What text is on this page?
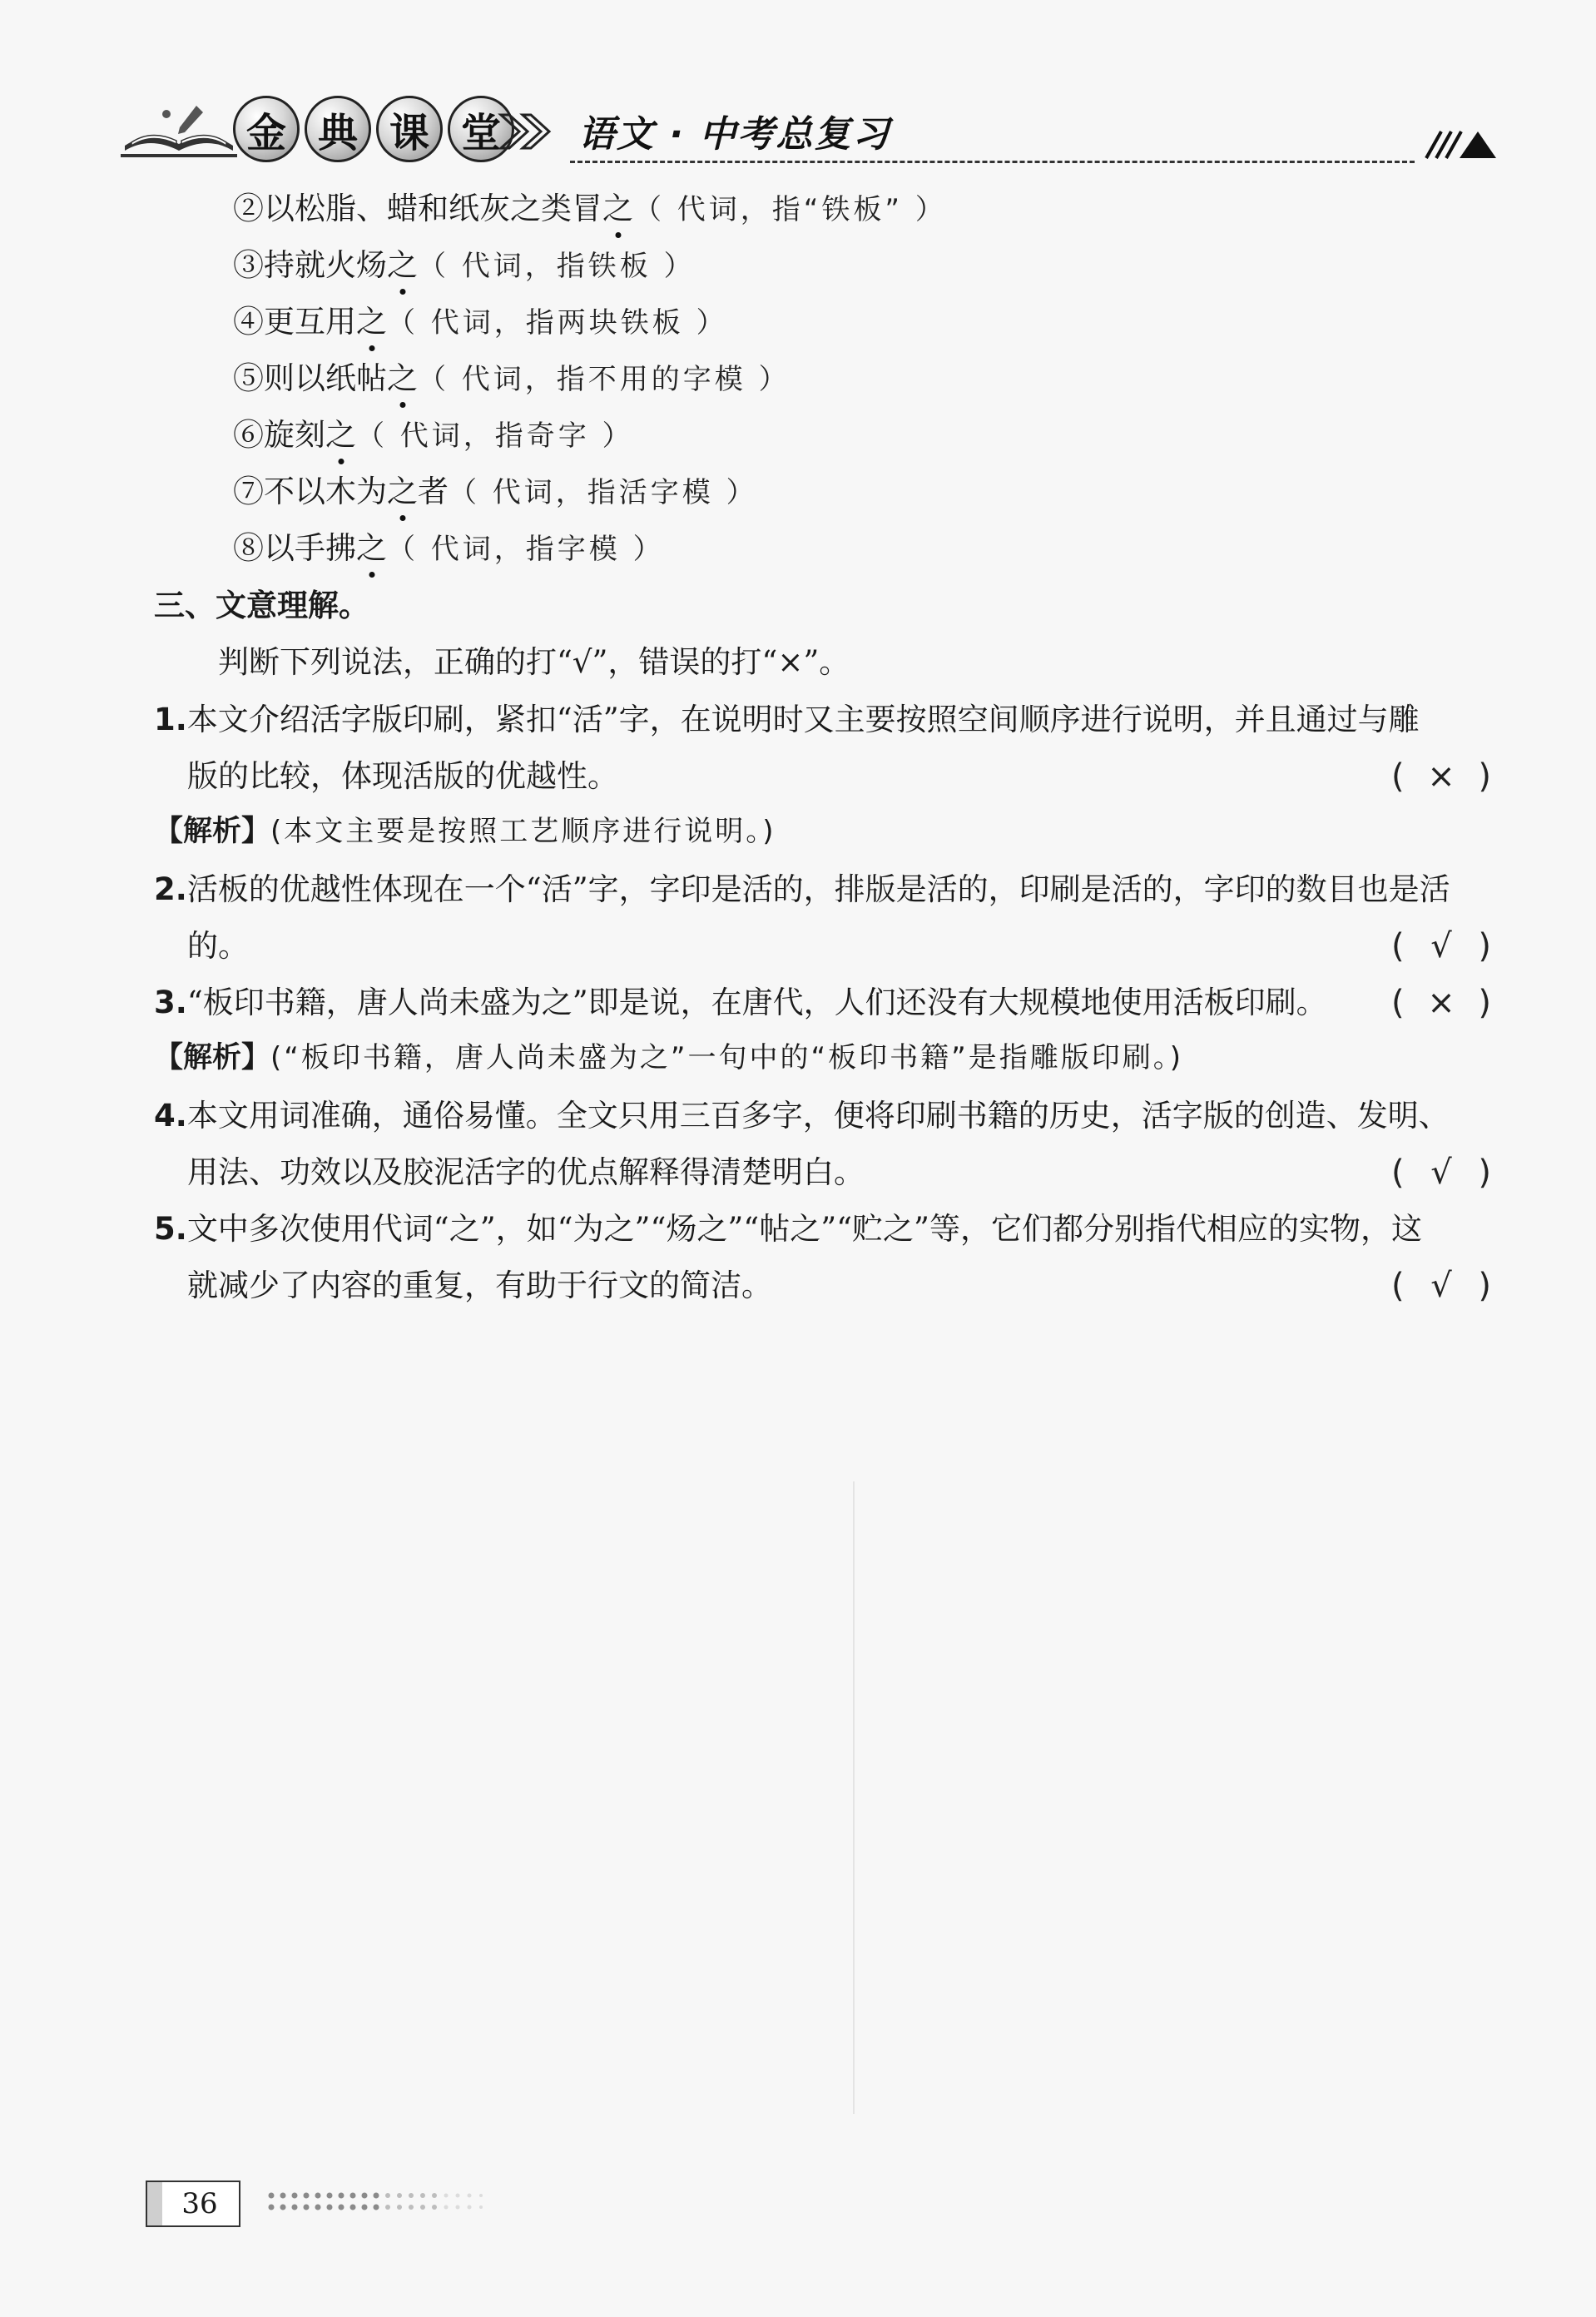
金 典 课 堂	语文 · 中考总复习
②以松脂、蜡和纸灰之类冒之（ 代词，指“铁板” ）
③持就火炀之（ 代词，指铁板 ）
④更互用之（ 代词，指两块铁板 ）
⑤则以纸帖之（ 代词，指不用的字模 ）
⑥旋刻之（ 代词，指奇字 ）
⑦不以木为之者（ 代词，指活字模 ）
⑧以手拂之（ 代词，指字模 ）
三、文意理解。
判断下列说法，正确的打“√”，错误的打“×”。
1.本文介绍活字版印刷，紧扣“活”字，在说明时又主要按照空间顺序进行说明，并且通过与雕
版的比较，体现活版的优越性。	( × )
【解析】(本文主要是按照工艺顺序进行说明。)
2.活板的优越性体现在一个“活”字，字印是活的，排版是活的，印刷是活的，字印的数目也是活
的。	( √ )
3.“板印书籍，唐人尚未盛为之”即是说，在唐代，人们还没有大规模地使用活板印刷。 ( × )
【解析】(“板印书籍，唐人尚未盛为之”一句中的“板印书籍”是指雕版印刷。)
4.本文用词准确，通俗易懂。全文只用三百多字，便将印刷书籍的历史，活字版的创造、发明、
用法、功效以及胶泥活字的优点解释得清楚明白。	( √ )
5.文中多次使用代词“之”，如“为之”“炀之”“帖之”“贮之”等，它们都分别指代相应的实物，这
就减少了内容的重复，有助于行文的简洁。	( √ )
36
